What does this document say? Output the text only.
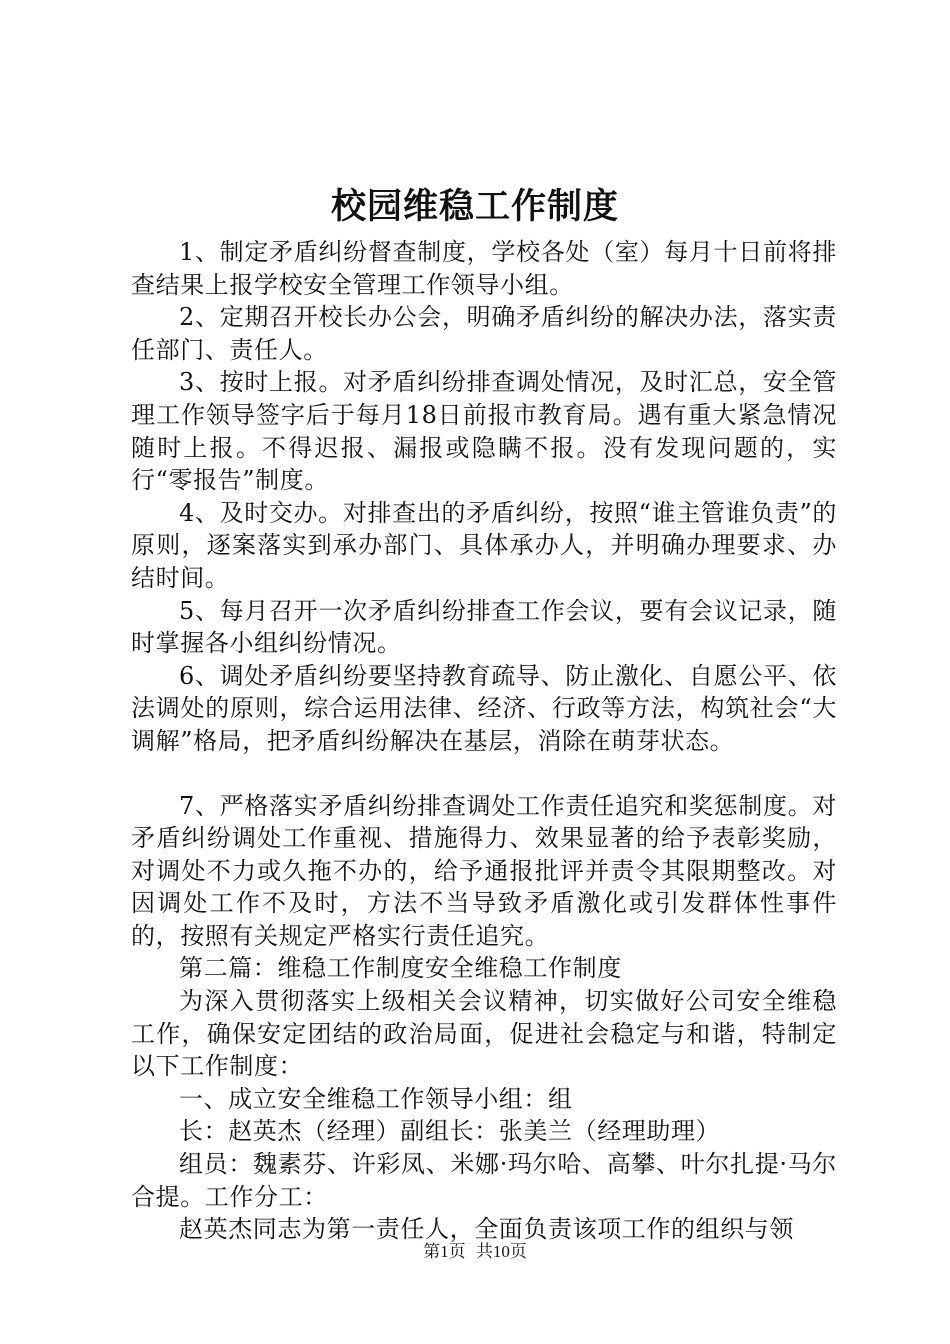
校园维稳工作制度

1、制定矛盾纠纷督查制度，学校各处（室）每月十日前将排查结果上报学校安全管理工作领导小组。

2、定期召开校长办公会，明确矛盾纠纷的解决办法，落实责任部门、责任人。

3、按时上报。对矛盾纠纷排查调处情况，及时汇总，安全管理工作领导签字后于每月18日前报市教育局。遇有重大紧急情况随时上报。不得迟报、漏报或隐瞒不报。没有发现问题的，实行“零报告”制度。

4、及时交办。对排查出的矛盾纠纷，按照“谁主管谁负责”的原则，逐案落实到承办部门、具体承办人，并明确办理要求、办结时间。

5、每月召开一次矛盾纠纷排查工作会议，要有会议记录，随时掌握各小组纠纷情况。

6、调处矛盾纠纷要坚持教育疏导、防止激化、自愿公平、依法调处的原则，综合运用法律、经济、行政等方法，构筑社会“大调解”格局，把矛盾纠纷解决在基层，消除在萌芽状态。

7、严格落实矛盾纠纷排查调处工作责任追究和奖惩制度。对矛盾纠纷调处工作重视、措施得力、效果显著的给予表彰奖励，对调处不力或久拖不办的，给予通报批评并责令其限期整改。对因调处工作不及时，方法不当导致矛盾激化或引发群体性事件的，按照有关规定严格实行责任追究。

第二篇：维稳工作制度安全维稳工作制度

为深入贯彻落实上级相关会议精神，切实做好公司安全维稳工作，确保安定团结的政治局面，促进社会稳定与和谐，特制定以下工作制度：

一、成立安全维稳工作领导小组：组

长：赵英杰（经理）副组长：张美兰（经理助理）

组员：魏素芬、许彩凤、米娜·玛尔哈、高攀、叶尔扎提·马尔合提。工作分工：

赵英杰同志为第一责任人，全面负责该项工作的组织与领

第1页 共10页
